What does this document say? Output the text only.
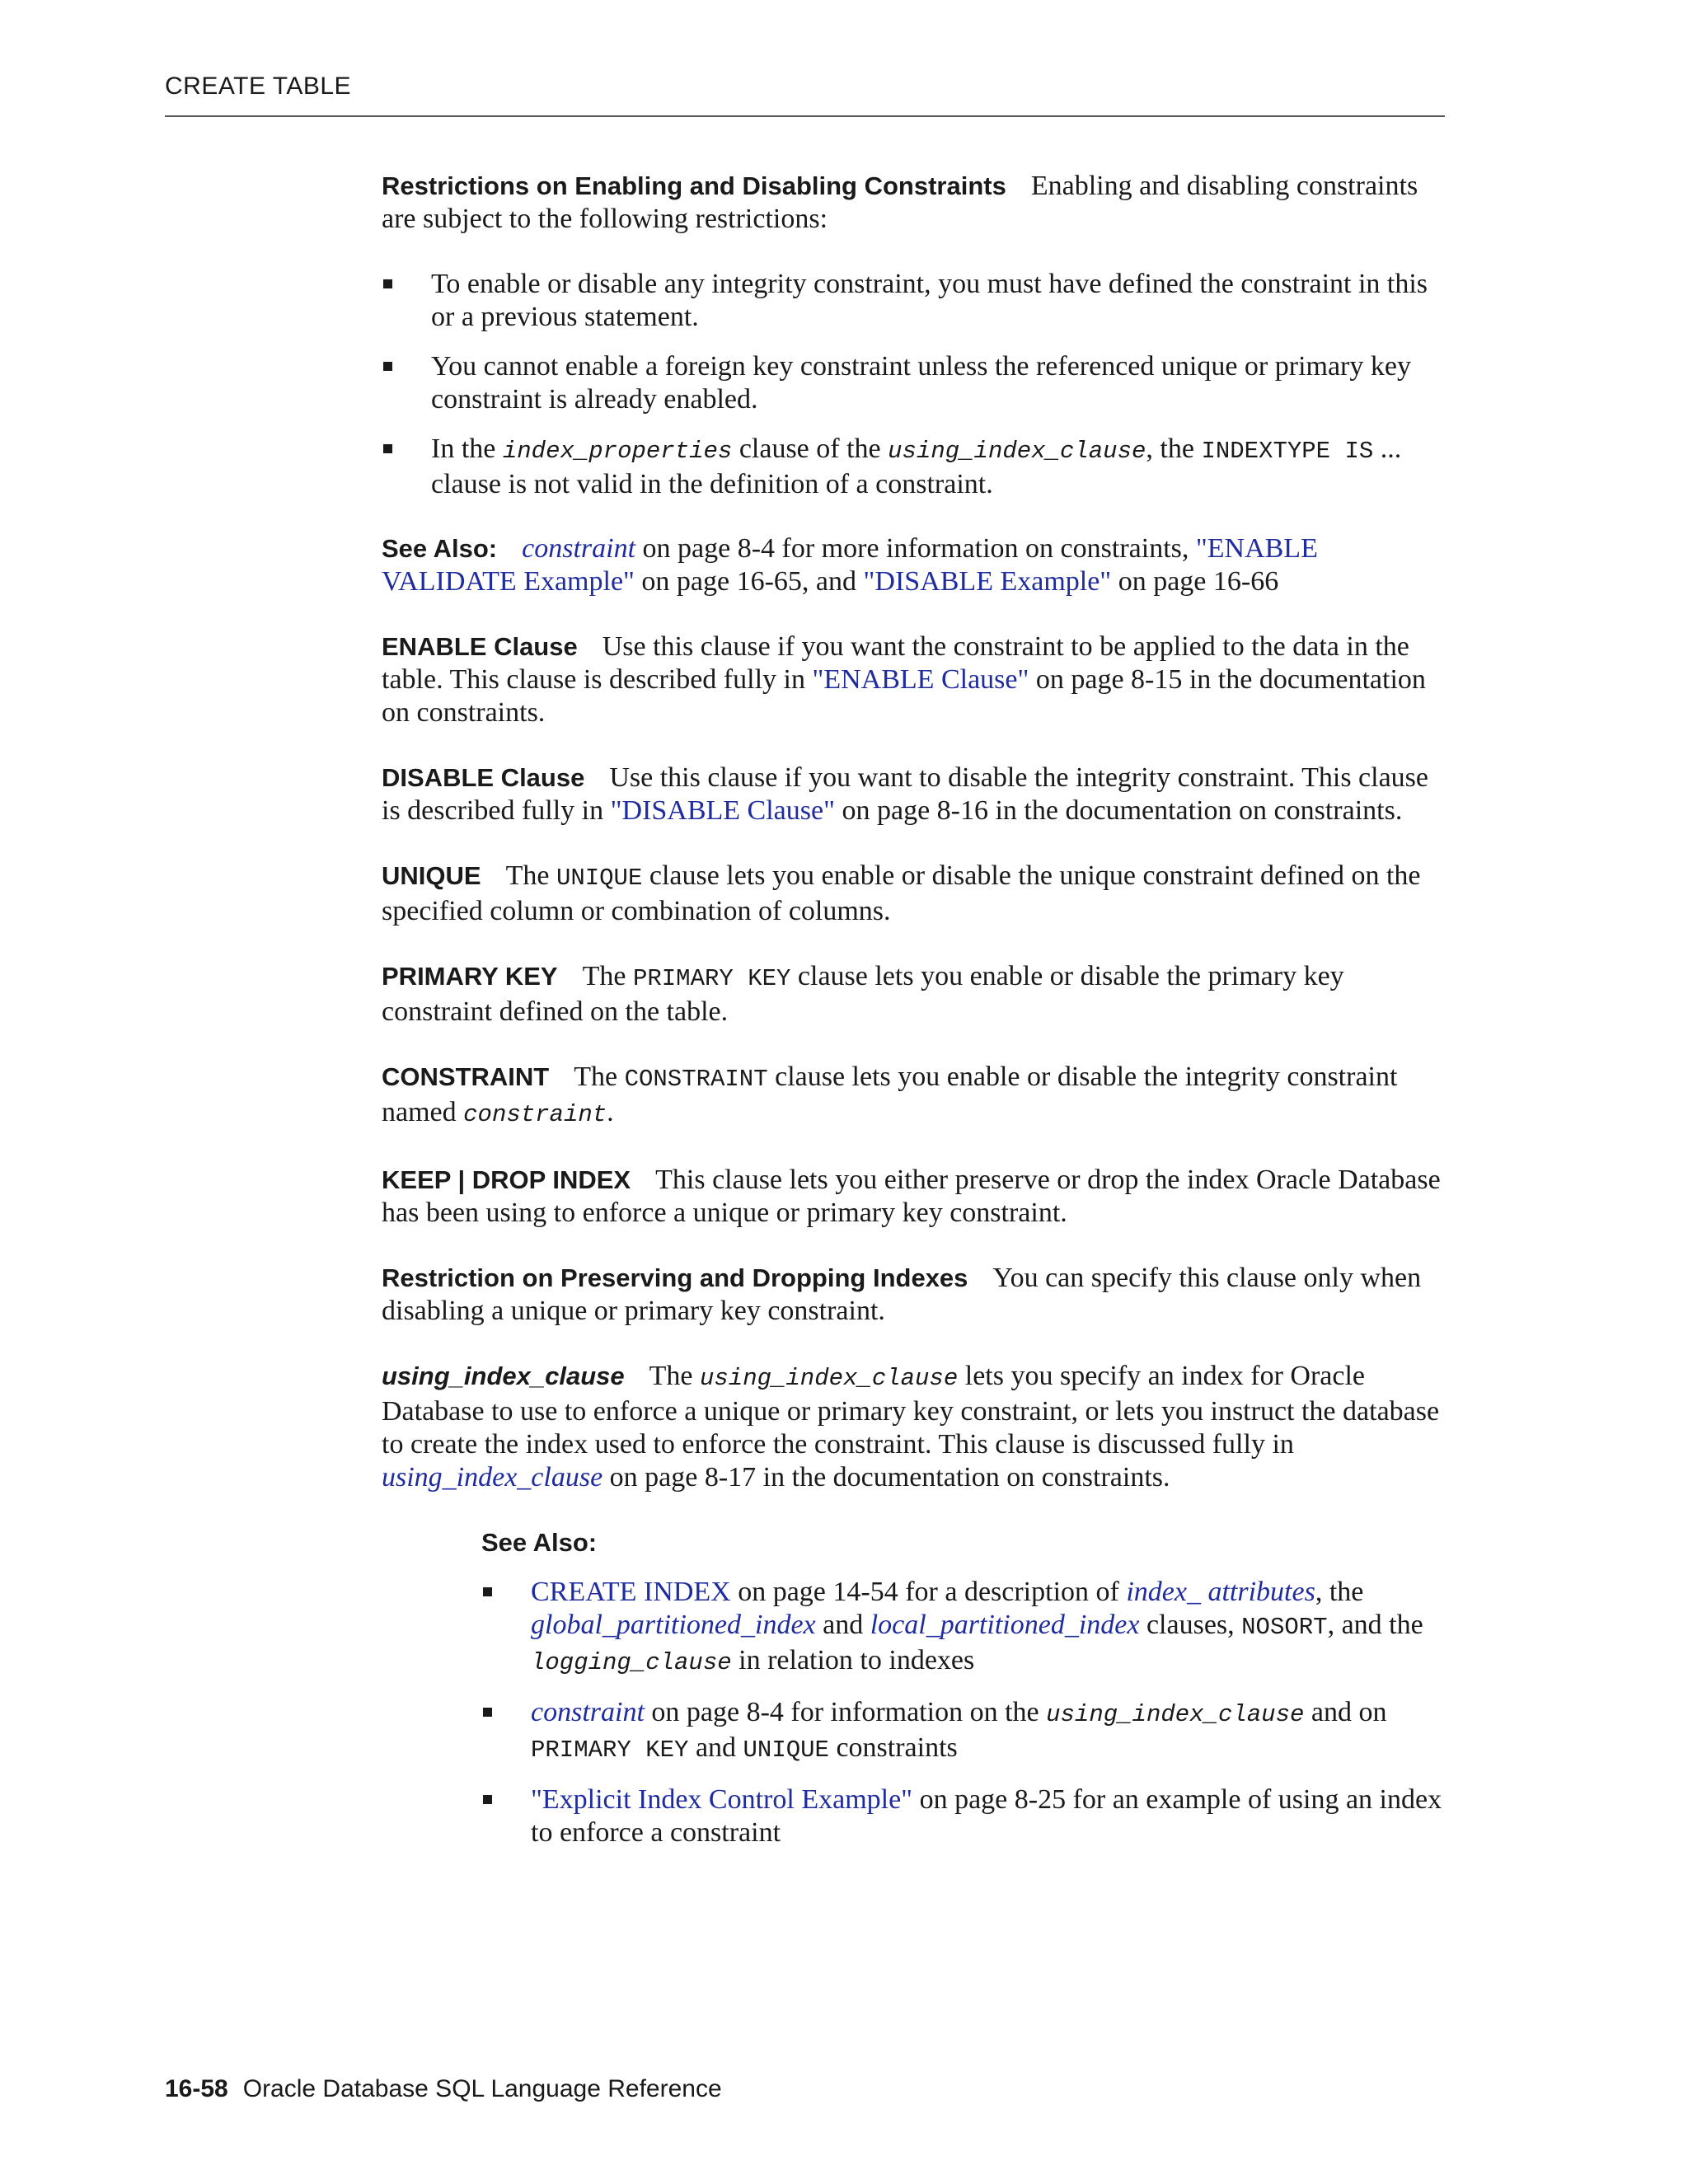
CREATE TABLE

Restrictions on Enabling and Disabling Constraints Enabling and disabling constraints are subject to the following restrictions:

To enable or disable any integrity constraint, you must have defined the constraint in this or a previous statement.
You cannot enable a foreign key constraint unless the referenced unique or primary key constraint is already enabled.
In the index_properties clause of the using_index_clause, the INDEXTYPE IS ... clause is not valid in the definition of a constraint.

See Also: constraint on page 8-4 for more information on constraints, "ENABLE VALIDATE Example" on page 16-65, and "DISABLE Example" on page 16-66

ENABLE Clause Use this clause if you want the constraint to be applied to the data in the table. This clause is described fully in "ENABLE Clause" on page 8-15 in the documentation on constraints.

DISABLE Clause Use this clause if you want to disable the integrity constraint. This clause is described fully in "DISABLE Clause" on page 8-16 in the documentation on constraints.

UNIQUE The UNIQUE clause lets you enable or disable the unique constraint defined on the specified column or combination of columns.

PRIMARY KEY The PRIMARY KEY clause lets you enable or disable the primary key constraint defined on the table.

CONSTRAINT The CONSTRAINT clause lets you enable or disable the integrity constraint named constraint.

KEEP | DROP INDEX This clause lets you either preserve or drop the index Oracle Database has been using to enforce a unique or primary key constraint.

Restriction on Preserving and Dropping Indexes You can specify this clause only when disabling a unique or primary key constraint.

using_index_clause The using_index_clause lets you specify an index for Oracle Database to use to enforce a unique or primary key constraint, or lets you instruct the database to create the index used to enforce the constraint. This clause is discussed fully in using_index_clause on page 8-17 in the documentation on constraints.

See Also:
CREATE INDEX on page 14-54 for a description of index_ attributes, the global_partitioned_index and local_partitioned_index clauses, NOSORT, and the logging_clause in relation to indexes
constraint on page 8-4 for information on the using_index_clause and on PRIMARY KEY and UNIQUE constraints
"Explicit Index Control Example" on page 8-25 for an example of using an index to enforce a constraint
16-58 Oracle Database SQL Language Reference
